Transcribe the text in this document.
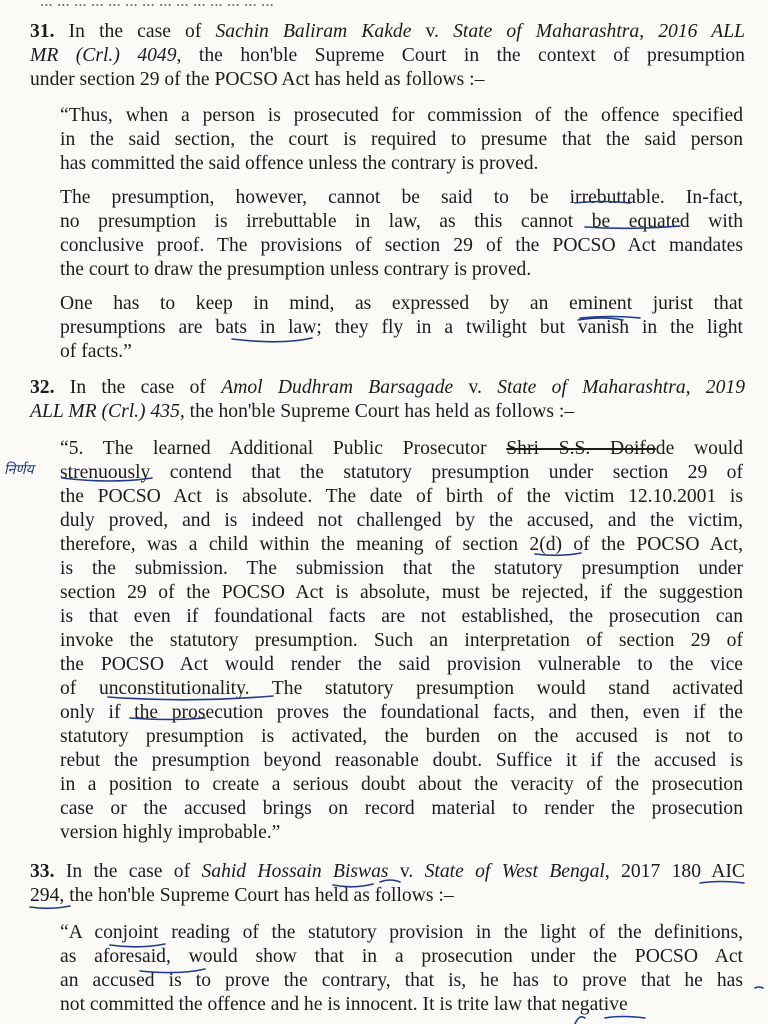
... ... ... ... ... ... ... ... ... ... ... ... ... ...
31. In the case of Sachin Baliram Kakde v. State of Maharashtra, 2016 ALL
MR (Crl.) 4049, the hon'ble Supreme Court in the context of presumption
under section 29 of the POCSO Act has held as follows :–
“Thus, when a person is prosecuted for commission of the offence specified
in the said section, the court is required to presume that the said person
has committed the said offence unless the contrary is proved.
The presumption, however, cannot be said to be irrebuttable. In-fact,
no presumption is irrebuttable in law, as this cannot be equated with
conclusive proof. The provisions of section 29 of the POCSO Act mandates
the court to draw the presumption unless contrary is proved.
One has to keep in mind, as expressed by an eminent jurist that
presumptions are bats in law; they fly in a twilight but vanish in the light
of facts.”
32. In the case of Amol Dudhram Barsagade v. State of Maharashtra, 2019
ALL MR (Crl.) 435, the hon'ble Supreme Court has held as follows :–
“5. The learned Additional Public Prosecutor Shri S.S. Doifode would
strenuously contend that the statutory presumption under section 29 of
the POCSO Act is absolute. The date of birth of the victim 12.10.2001 is
duly proved, and is indeed not challenged by the accused, and the victim,
therefore, was a child within the meaning of section 2(d) of the POCSO Act,
is the submission. The submission that the statutory presumption under
section 29 of the POCSO Act is absolute, must be rejected, if the suggestion
is that even if foundational facts are not established, the prosecution can
invoke the statutory presumption. Such an interpretation of section 29 of
the POCSO Act would render the said provision vulnerable to the vice
of unconstitutionality. The statutory presumption would stand activated
only if the prosecution proves the foundational facts, and then, even if the
statutory presumption is activated, the burden on the accused is not to
rebut the presumption beyond reasonable doubt. Suffice it if the accused is
in a position to create a serious doubt about the veracity of the prosecution
case or the accused brings on record material to render the prosecution
version highly improbable.”
33. In the case of Sahid Hossain Biswas v. State of West Bengal, 2017 180 AIC
294, the hon'ble Supreme Court has held as follows :–
“A conjoint reading of the statutory provision in the light of the definitions,
as aforesaid, would show that in a prosecution under the POCSO Act
an accused is to prove the contrary, that is, he has to prove that he has
not committed the offence and he is innocent. It is trite law that negative
निर्णय
